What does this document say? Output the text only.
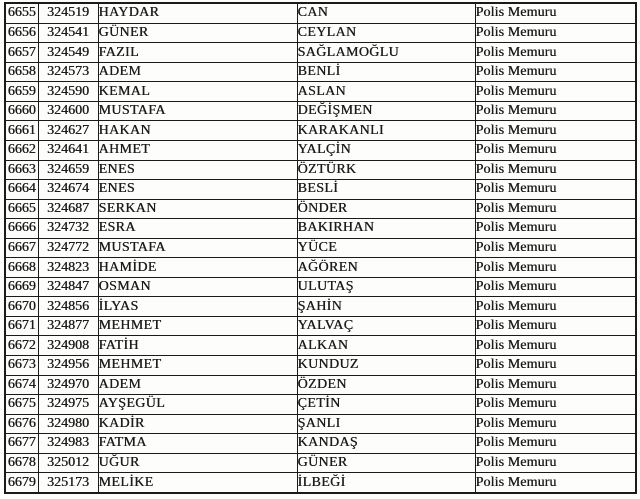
6655	324519	HAYDAR	CAN	Polis Memuru
6656	324541	GÜNER	CEYLAN	Polis Memuru
6657	324549	FAZIL	SAĞLAMOĞLU	Polis Memuru
6658	324573	ADEM	BENLİ	Polis Memuru
6659	324590	KEMAL	ASLAN	Polis Memuru
6660	324600	MUSTAFA	DEĞİŞMEN	Polis Memuru
6661	324627	HAKAN	KARAKANLI	Polis Memuru
6662	324641	AHMET	YALÇİN	Polis Memuru
6663	324659	ENES	ÖZTÜRK	Polis Memuru
6664	324674	ENES	BESLİ	Polis Memuru
6665	324687	SERKAN	ÖNDER	Polis Memuru
6666	324732	ESRA	BAKIRHAN	Polis Memuru
6667	324772	MUSTAFA	YÜCE	Polis Memuru
6668	324823	HAMİDE	AĞÖREN	Polis Memuru
6669	324847	OSMAN	ULUTAŞ	Polis Memuru
6670	324856	İLYAS	ŞAHİN	Polis Memuru
6671	324877	MEHMET	YALVAÇ	Polis Memuru
6672	324908	FATİH	ALKAN	Polis Memuru
6673	324956	MEHMET	KUNDUZ	Polis Memuru
6674	324970	ADEM	ÖZDEN	Polis Memuru
6675	324975	AYŞEGÜL	ÇETİN	Polis Memuru
6676	324980	KADİR	ŞANLI	Polis Memuru
6677	324983	FATMA	KANDAŞ	Polis Memuru
6678	325012	UĞUR	GÜNER	Polis Memuru
6679	325173	MELİKE	İLBEĞİ	Polis Memuru
